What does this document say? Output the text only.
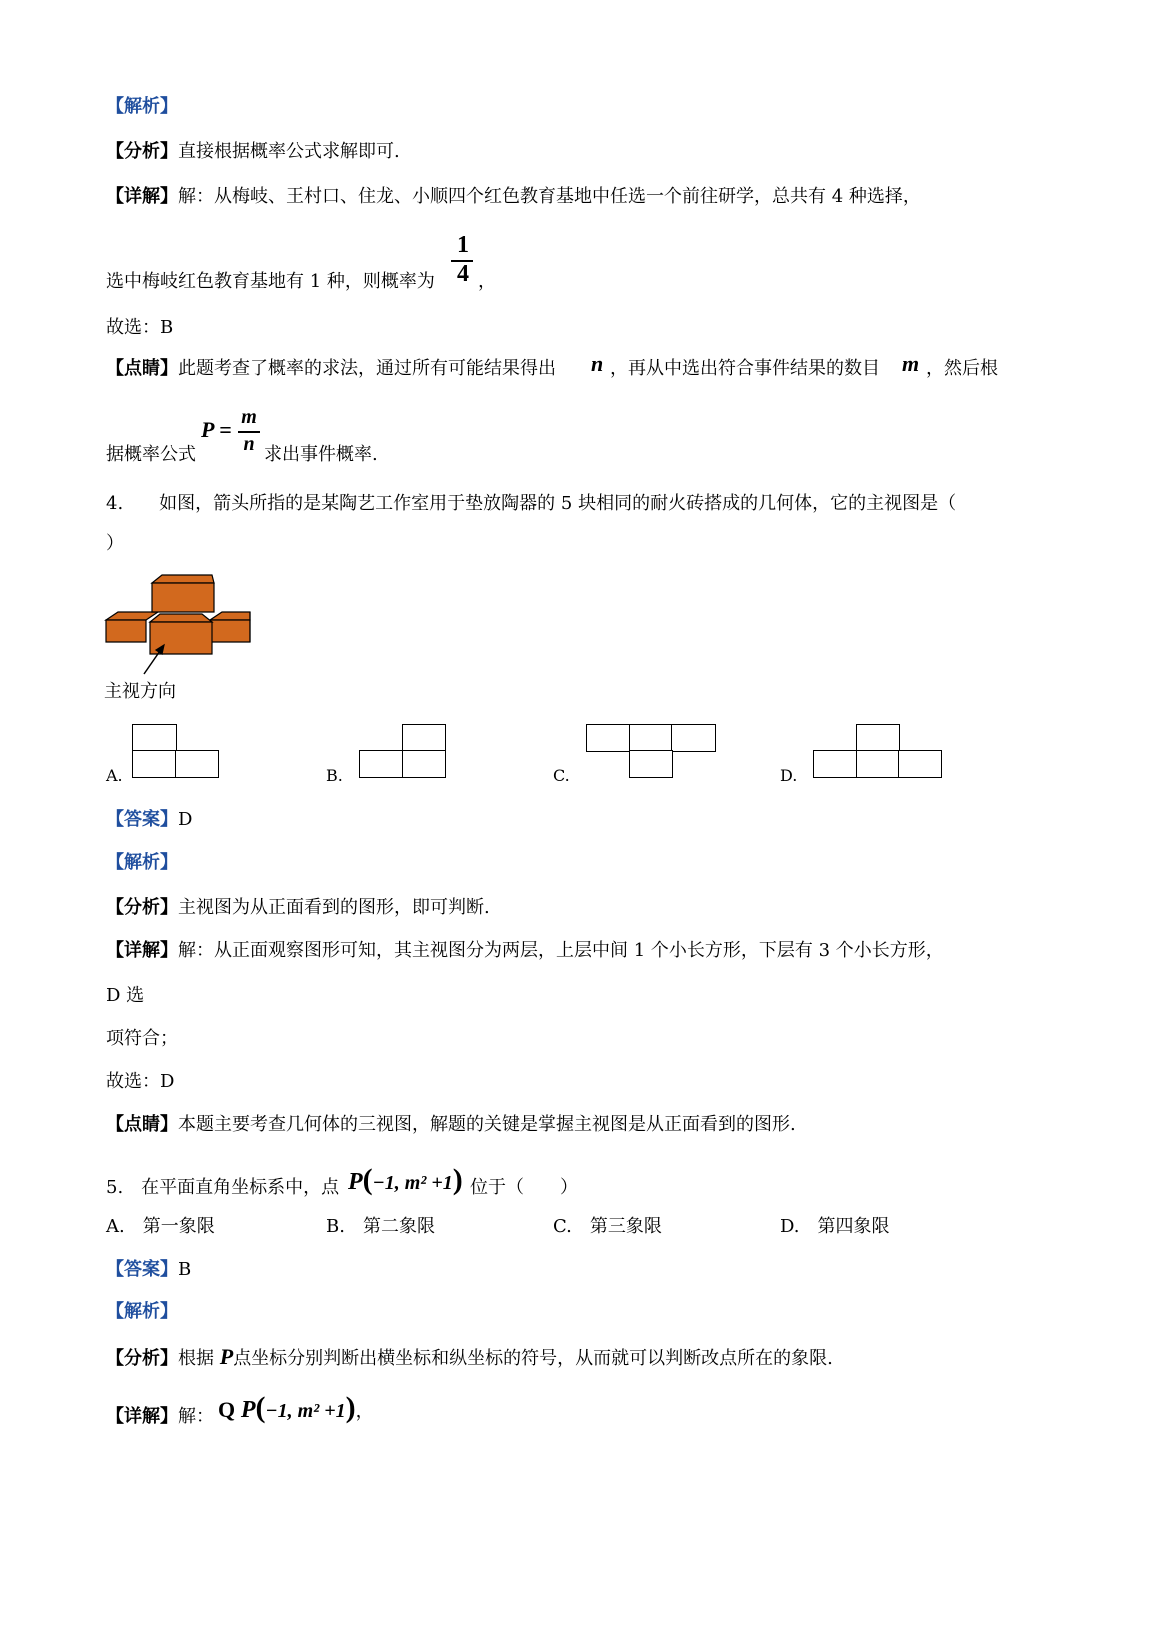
【解析】
【分析】直接根据概率公式求解即可.
【详解】解：从梅岐、王村口、住龙、小顺四个红色教育基地中任选一个前往研学，总共有 4 种选择，
选中梅岐红色教育基地有 1 种，则概率为
1
4 ，
故选：B
【点睛】此题考查了概率的求法，通过所有可能结果得出 n ，再从中选出符合事件结果的数目 m ，然后根
据概率公式
P = m
n 求出事件概率.
4.　　如图，箭头所指的是某陶艺工作室用于垫放陶器的 5 块相同的耐火砖搭成的几何体，它的主视图是（
）
主视方向
A.	B.	C.	D.
【答案】D
【解析】
【分析】主视图为从正面看到的图形，即可判断.
【详解】解：从正面观察图形可知，其主视图分为两层，上层中间 1 个小长方形，下层有 3 个小长方形，
D 选
项符合；
故选：D
【点睛】本题主要考查几何体的三视图，解题的关键是掌握主视图是从正面看到的图形.
5. 在平面直角坐标系中，点 P(−1, m² +1) 位于（　　）
A. 第一象限	B. 第二象限	C. 第三象限	D. 第四象限
【答案】B
【解析】
【分析】根据 P点坐标分别判断出横坐标和纵坐标的符号，从而就可以判断改点所在的象限.
【详解】解： Q P(−1, m² +1)，
